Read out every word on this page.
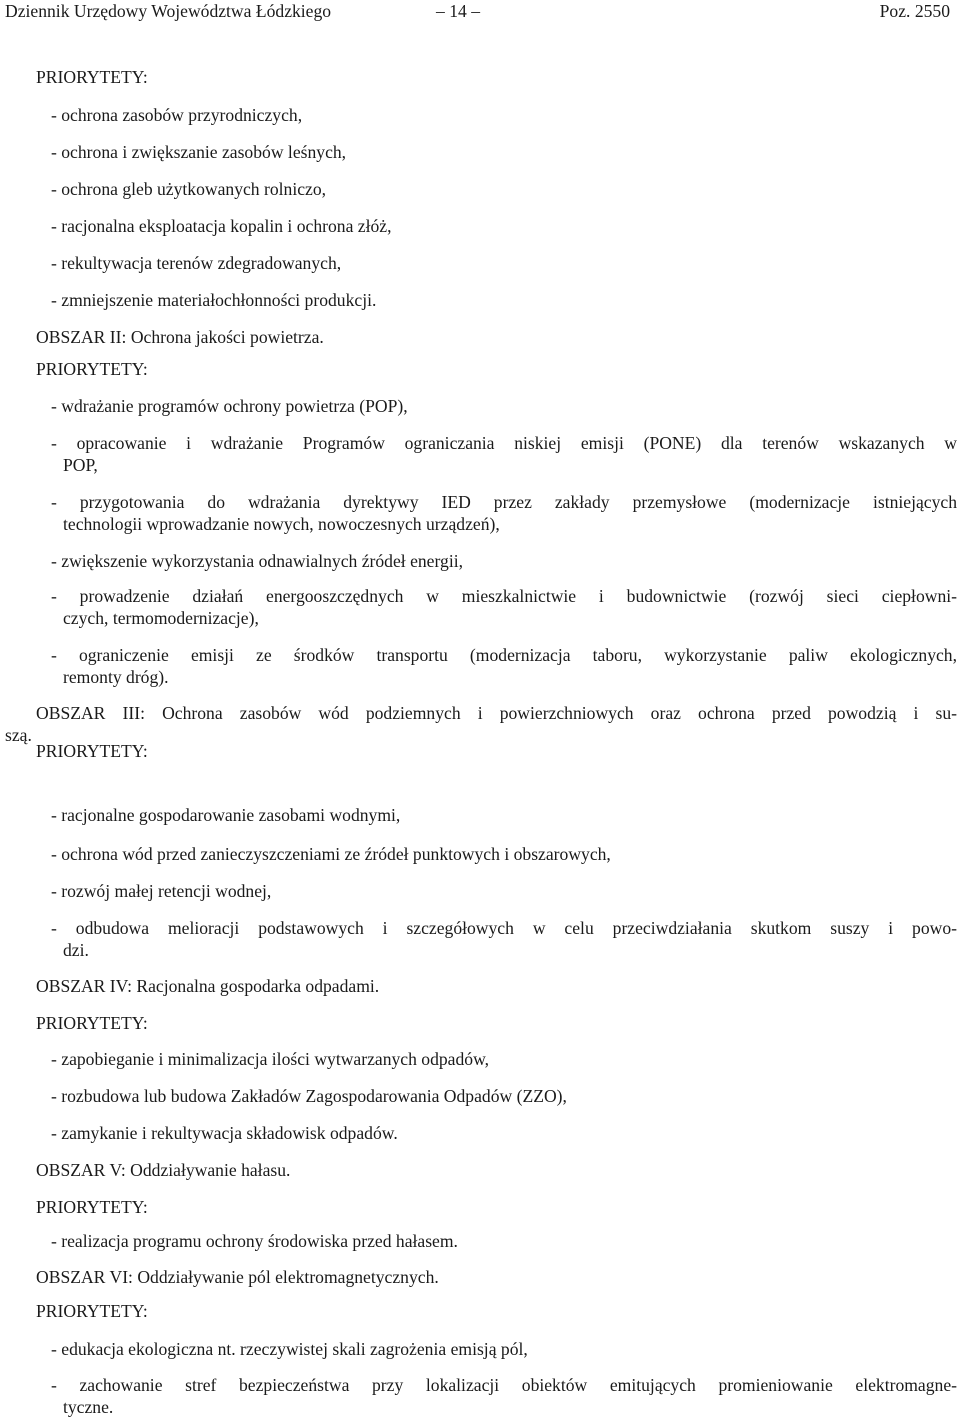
Dziennik Urzędowy Województwa Łódzkiego	– 14 –	Poz. 2550
PRIORYTETY:
- ochrona zasobów przyrodniczych,
- ochrona i zwiększanie zasobów leśnych,
- ochrona gleb użytkowanych rolniczo,
- racjonalna eksploatacja kopalin i ochrona złóż,
- rekultywacja terenów zdegradowanych,
- zmniejszenie materiałochłonności produkcji.
OBSZAR II: Ochrona jakości powietrza.
PRIORYTETY:
- wdrażanie programów ochrony powietrza (POP),
- opracowanie i wdrażanie Programów ograniczania niskiej emisji (PONE) dla terenów wskazanych w
POP,
- przygotowania do wdrażania dyrektywy IED przez zakłady przemysłowe (modernizacje istniejących
technologii wprowadzanie nowych, nowoczesnych urządzeń),
- zwiększenie wykorzystania odnawialnych źródeł energii,
- prowadzenie działań energooszczędnych w mieszkalnictwie i budownictwie (rozwój sieci ciepłowni-
czych, termomodernizacje),
- ograniczenie emisji ze środków transportu (modernizacja taboru, wykorzystanie paliw ekologicznych,
remonty dróg).
OBSZAR III: Ochrona zasobów wód podziemnych i powierzchniowych oraz ochrona przed powodzią i su-
szą.
PRIORYTETY:
- racjonalne gospodarowanie zasobami wodnymi,
- ochrona wód przed zanieczyszczeniami ze źródeł punktowych i obszarowych,
- rozwój małej retencji wodnej,
- odbudowa melioracji podstawowych i szczegółowych w celu przeciwdziałania skutkom suszy i powo-
dzi.
OBSZAR IV: Racjonalna gospodarka odpadami.
PRIORYTETY:
- zapobieganie i minimalizacja ilości wytwarzanych odpadów,
- rozbudowa lub budowa Zakładów Zagospodarowania Odpadów (ZZO),
- zamykanie i rekultywacja składowisk odpadów.
OBSZAR V: Oddziaływanie hałasu.
PRIORYTETY:
- realizacja programu ochrony środowiska przed hałasem.
OBSZAR VI: Oddziaływanie pól elektromagnetycznych.
PRIORYTETY:
- edukacja ekologiczna nt. rzeczywistej skali zagrożenia emisją pól,
- zachowanie stref bezpieczeństwa przy lokalizacji obiektów emitujących promieniowanie elektromagne-
tyczne.
